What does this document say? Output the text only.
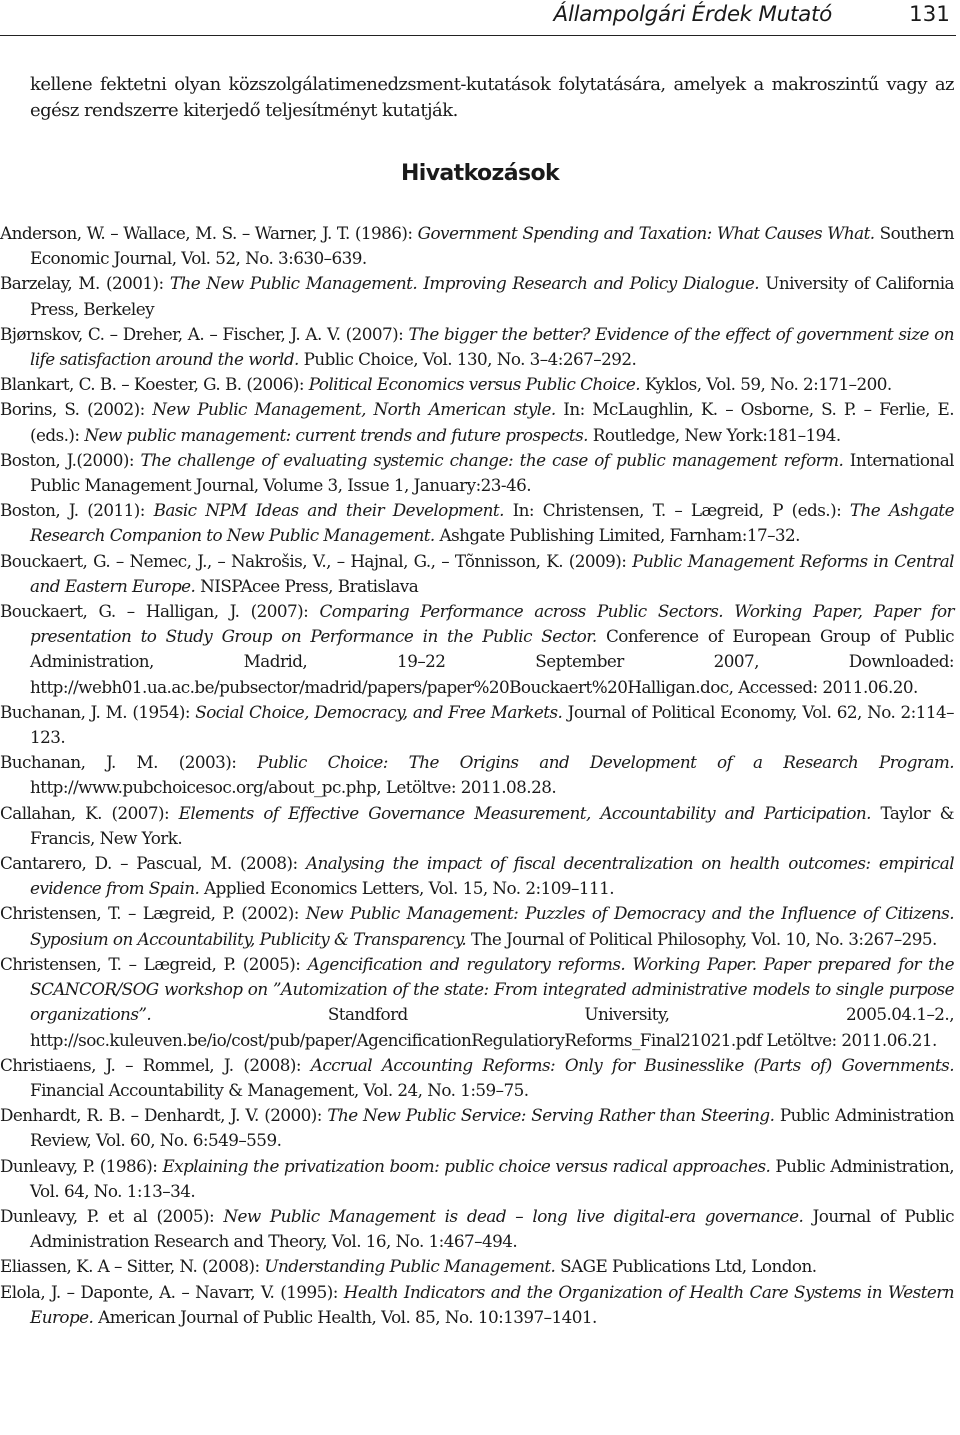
Állampolgári Érdek Mutató	131

kellene fektetni olyan közszolgálatimenedzsment-kutatások folytatására, amelyek a makroszintű vagy az egész rendszerre kiterjedő teljesítményt kutatják.

Hivatkozások
Anderson, W. – Wallace, M. S. – Warner, J. T. (1986): Government Spending and Taxation: What Causes What. Southern Economic Journal, Vol. 52, No. 3:630–639.
Barzelay, M. (2001): The New Public Management. Improving Research and Policy Dialogue. University of California Press, Berkeley
Bjørnskov, C. – Dreher, A. – Fischer, J. A. V. (2007): The bigger the better? Evidence of the effect of government size on life satisfaction around the world. Public Choice, Vol. 130, No. 3–4:267–292.
Blankart, C. B. – Koester, G. B. (2006): Political Economics versus Public Choice. Kyklos, Vol. 59, No. 2:171–200.
Borins, S. (2002): New Public Management, North American style. In: McLaughlin, K. – Osborne, S. P. – Ferlie, E. (eds.): New public management: current trends and future prospects. Routledge, New York:181–194.
Boston, J.(2000): The challenge of evaluating systemic change: the case of public management reform. International Public Management Journal, Volume 3, Issue 1, January:23-46.
Boston, J. (2011): Basic NPM Ideas and their Development. In: Christensen, T. – Lægreid, P (eds.): The Ashgate Research Companion to New Public Management. Ashgate Publishing Limited, Farnham:17–32.
Bouckaert, G. – Nemec, J., – Nakrošis, V., – Hajnal, G., – Tõnnisson, K. (2009): Public Management Reforms in Central and Eastern Europe. NISPAcee Press, Bratislava
Bouckaert, G. – Halligan, J. (2007): Comparing Performance across Public Sectors. Working Paper, Paper for presentation to Study Group on Performance in the Public Sector. Conference of European Group of Public Administration, Madrid, 19–22 September 2007, Downloaded: http://webh01.ua.ac.be/pubsector/madrid/papers/paper%20Bouckaert%20Halligan.doc, Accessed: 2011.06.20.
Buchanan, J. M. (1954): Social Choice, Democracy, and Free Markets. Journal of Political Economy, Vol. 62, No. 2:114–123.
Buchanan, J. M. (2003): Public Choice: The Origins and Development of a Research Program. http://www.pubchoicesoc.org/about_pc.php, Letöltve: 2011.08.28.
Callahan, K. (2007): Elements of Effective Governance Measurement, Accountability and Participation. Taylor & Francis, New York.
Cantarero, D. – Pascual, M. (2008): Analysing the impact of fiscal decentralization on health outcomes: empirical evidence from Spain. Applied Economics Letters, Vol. 15, No. 2:109–111.
Christensen, T. – Lægreid, P. (2002): New Public Management: Puzzles of Democracy and the Influence of Citizens. Syposium on Accountability, Publicity & Transparency. The Journal of Political Philosophy, Vol. 10, No. 3:267–295.
Christensen, T. – Lægreid, P. (2005): Agencification and regulatory reforms. Working Paper. Paper prepared for the SCANCOR/SOG workshop on ”Automization of the state: From integrated administrative models to single purpose organizations”. Standford University, 2005.04.1–2., http://soc.kuleuven.be/io/cost/pub/paper/AgencificationRegulatioryReforms_Final21021.pdf Letöltve: 2011.06.21.
Christiaens, J. – Rommel, J. (2008): Accrual Accounting Reforms: Only for Businesslike (Parts of) Governments. Financial Accountability & Management, Vol. 24, No. 1:59–75.
Denhardt, R. B. – Denhardt, J. V. (2000): The New Public Service: Serving Rather than Steering. Public Administration Review, Vol. 60, No. 6:549–559.
Dunleavy, P. (1986): Explaining the privatization boom: public choice versus radical approaches. Public Administration, Vol. 64, No. 1:13–34.
Dunleavy, P. et al (2005): New Public Management is dead – long live digital-era governance. Journal of Public Administration Research and Theory, Vol. 16, No. 1:467–494.
Eliassen, K. A – Sitter, N. (2008): Understanding Public Management. SAGE Publications Ltd, London.
Elola, J. – Daponte, A. – Navarr, V. (1995): Health Indicators and the Organization of Health Care Systems in Western Europe. American Journal of Public Health, Vol. 85, No. 10:1397–1401.
